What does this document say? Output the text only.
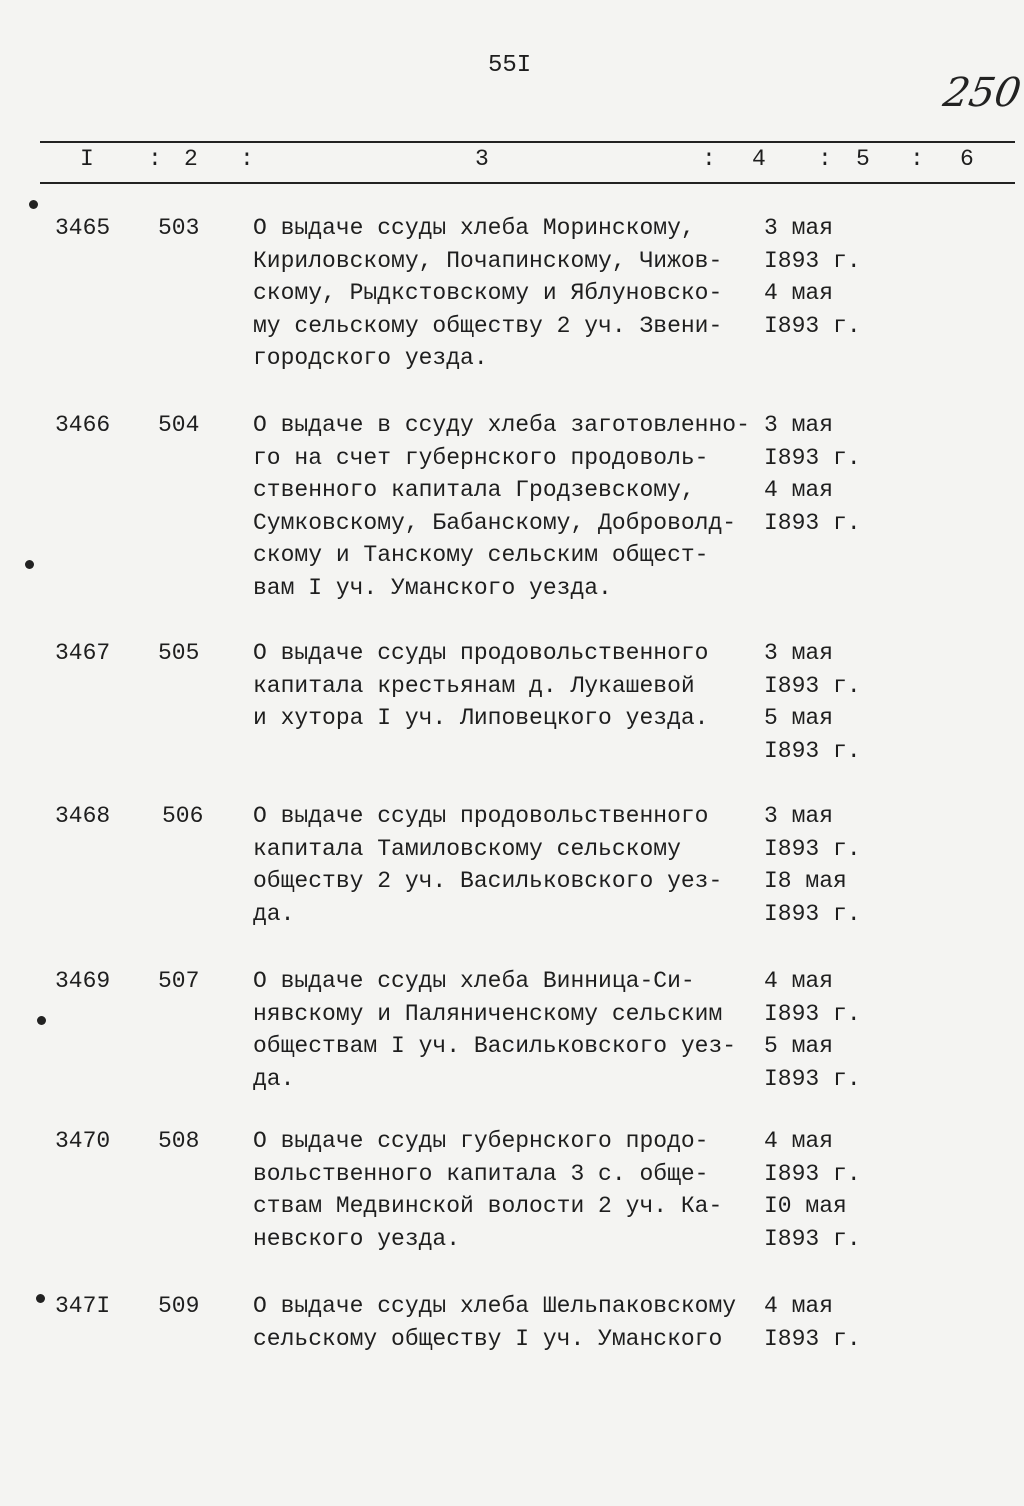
55I
250
I : 2 :	3	: 4 : 5 : 6
3465 503 О выдаче ссуды хлеба Моринскому,
Кириловскому, Почапинскому, Чижов-
скому, Рыдкстовскому и Яблуновско-
му сельскому обществу 2 уч. Звени-
городского уезда.
3 мая
I893 г.
4 мая
I893 г.
3466 504 О выдаче в ссуду хлеба заготовленно-
го на счет губернского продоволь-
ственного капитала Гродзевскому,
Сумковскому, Бабанскому, Доброволд-
скому и Танскому сельским общест-
вам I уч. Уманского уезда.
3 мая
I893 г.
4 мая
I893 г.
3467 505 О выдаче ссуды продовольственного
капитала крестьянам д. Лукашевой
и хутора I уч. Липовецкого уезда.
3 мая
I893 г.
5 мая
I893 г.
3468 506 О выдаче ссуды продовольственного
капитала Тамиловскому сельскому
обществу 2 уч. Васильковского уез-
да.
3 мая
I893 г.
I8 мая
I893 г.
3469 507 О выдаче ссуды хлеба Винница-Си-
нявскому и Паляниченскому сельским
обществам I уч. Васильковского уез-
да.
4 мая
I893 г.
5 мая
I893 г.
3470 508 О выдаче ссуды губернского продо-
вольственного капитала 3 с. обще-
ствам Медвинской волости 2 уч. Ка-
невского уезда.
4 мая
I893 г.
I0 мая
I893 г.
347I 509 О выдаче ссуды хлеба Шельпаковскому
сельскому обществу I уч. Уманского
4 мая
I893 г.
